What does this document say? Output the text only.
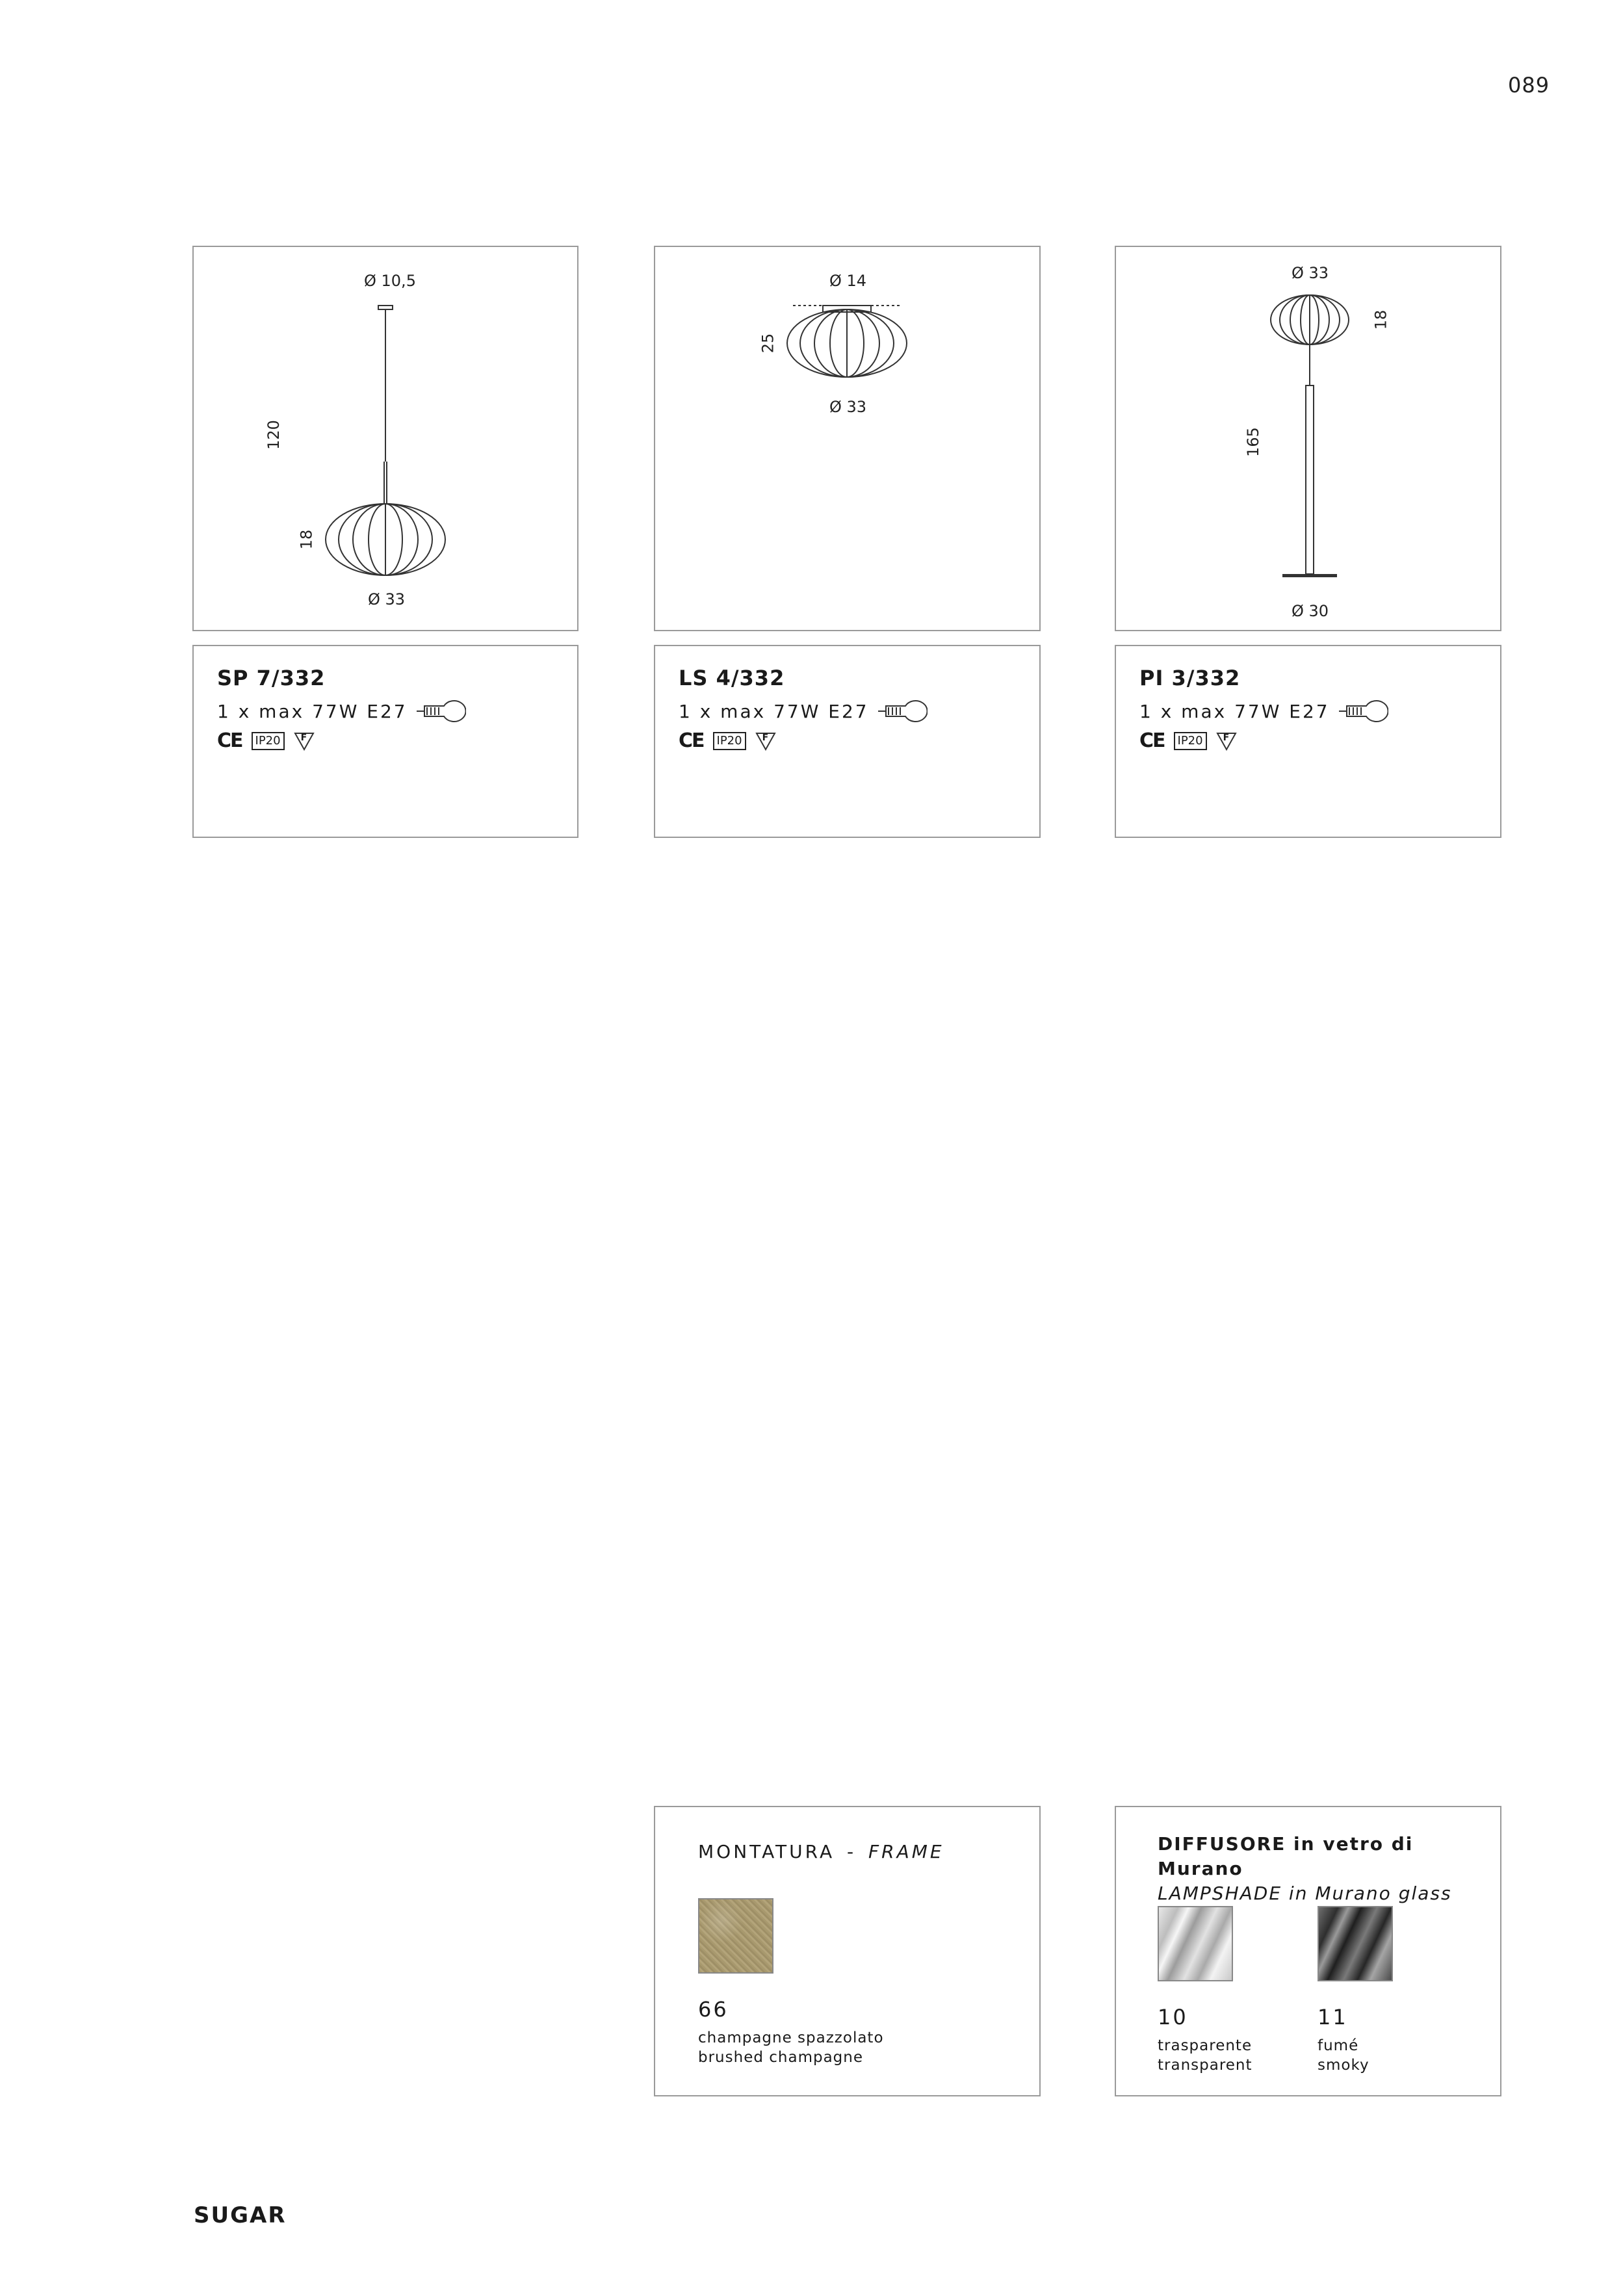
089
Ø 10,5
120
18
Ø 33
SP 7/332
1 x max 77W E27
CE	IP20	F
Ø 14
25
Ø 33
LS 4/332
1 x max 77W E27
CE	IP20	F
Ø 33
18
165
Ø 30
PI 3/332
1 x max 77W E27
CE	IP20	F
MONTATURA - FRAME
66
champagne spazzolato
brushed champagne
DIFFUSORE in vetro di Murano
LAMPSHADE in Murano glass
10
trasparente
transparent
11
fumé
smoky
SUGAR
